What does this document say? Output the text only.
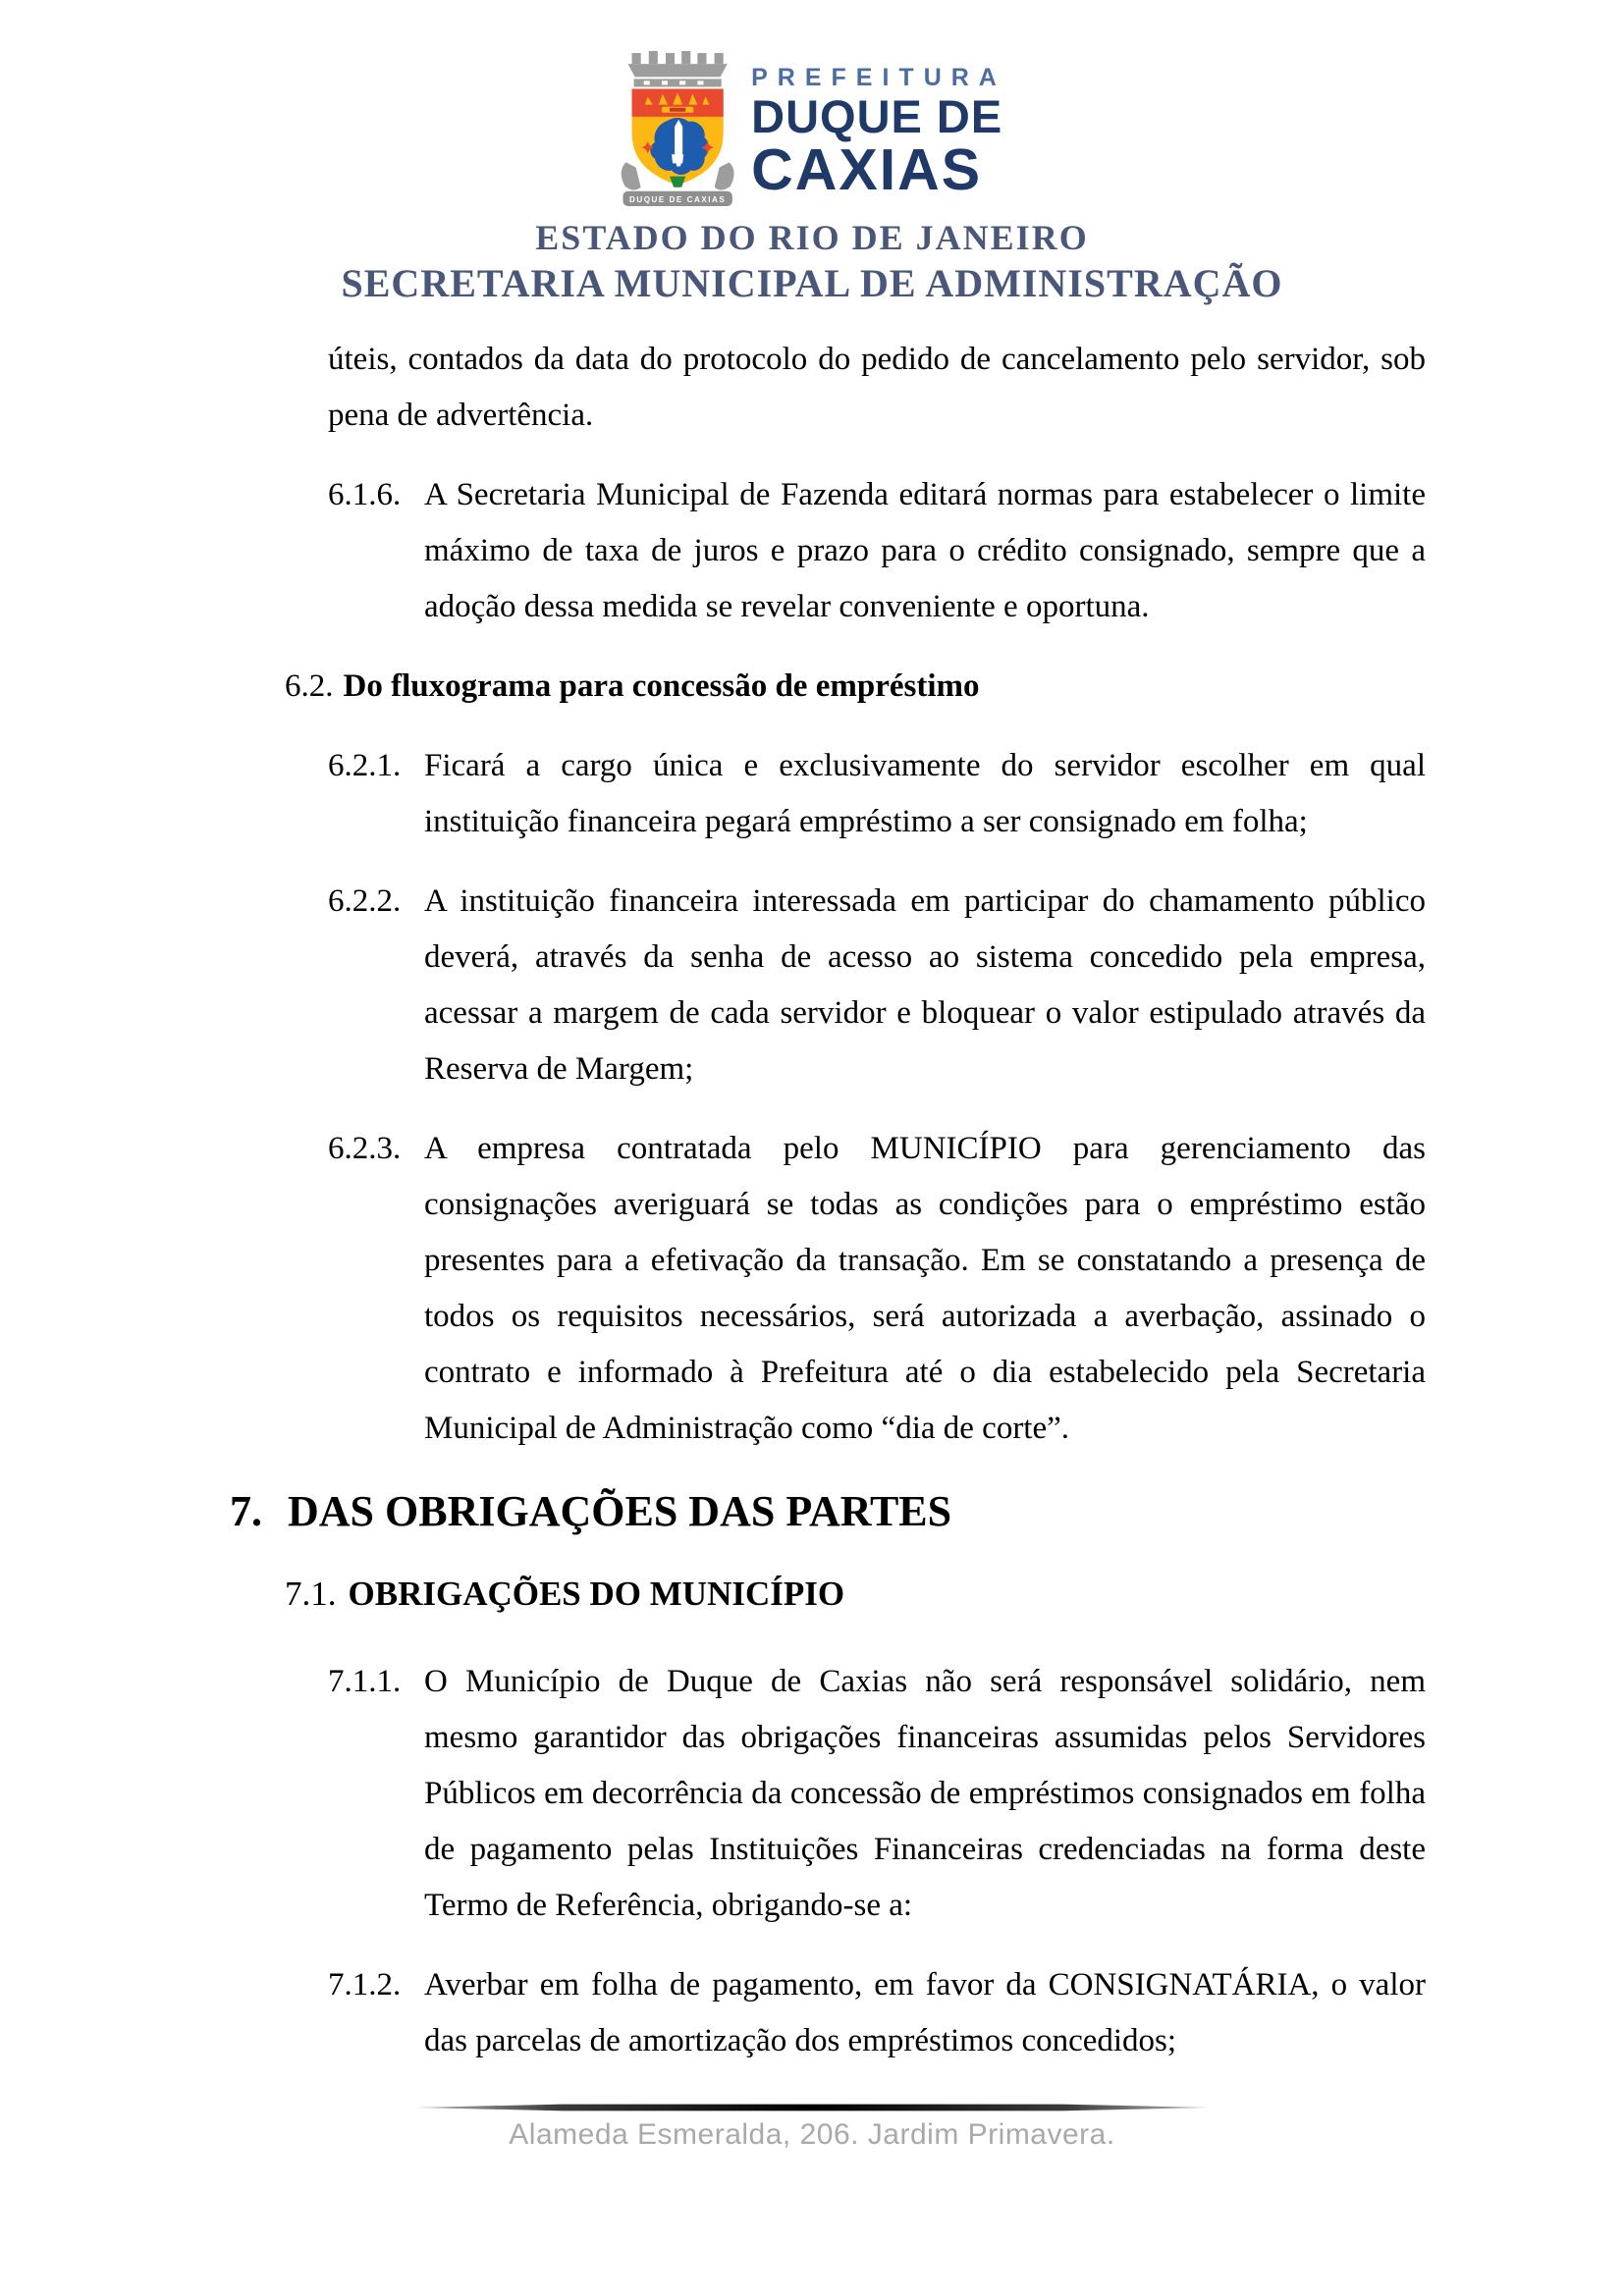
DUQUE DE CAXIAS
PREFEITURA
DUQUE DE
CAXIAS
ESTADO DO RIO DE JANEIRO
SECRETARIA MUNICIPAL DE ADMINISTRAÇÃO
úteis, contados da data do protocolo do pedido de cancelamento pelo servidor, sob pena de advertência.
6.1.6. A Secretaria Municipal de Fazenda editará normas para estabelecer o limite máximo de taxa de juros e prazo para o crédito consignado, sempre que a adoção dessa medida se revelar conveniente e oportuna.
6.2. Do fluxograma para concessão de empréstimo
6.2.1. Ficará a cargo única e exclusivamente do servidor escolher em qual instituição financeira pegará empréstimo a ser consignado em folha;
6.2.2. A instituição financeira interessada em participar do chamamento público deverá, através da senha de acesso ao sistema concedido pela empresa, acessar a margem de cada servidor e bloquear o valor estipulado através da Reserva de Margem;
6.2.3. A empresa contratada pelo MUNICÍPIO para gerenciamento das consignações averiguará se todas as condições para o empréstimo estão presentes para a efetivação da transação. Em se constatando a presença de todos os requisitos necessários, será autorizada a averbação, assinado o contrato e informado à Prefeitura até o dia estabelecido pela Secretaria Municipal de Administração como “dia de corte”.
7. DAS OBRIGAÇÕES DAS PARTES
7.1. OBRIGAÇÕES DO MUNICÍPIO
7.1.1. O Município de Duque de Caxias não será responsável solidário, nem mesmo garantidor das obrigações financeiras assumidas pelos Servidores Públicos em decorrência da concessão de empréstimos consignados em folha de pagamento pelas Instituições Financeiras credenciadas na forma deste Termo de Referência, obrigando-se a:
7.1.2. Averbar em folha de pagamento, em favor da CONSIGNATÁRIA, o valor das parcelas de amortização dos empréstimos concedidos;
Alameda Esmeralda, 206. Jardim Primavera.
